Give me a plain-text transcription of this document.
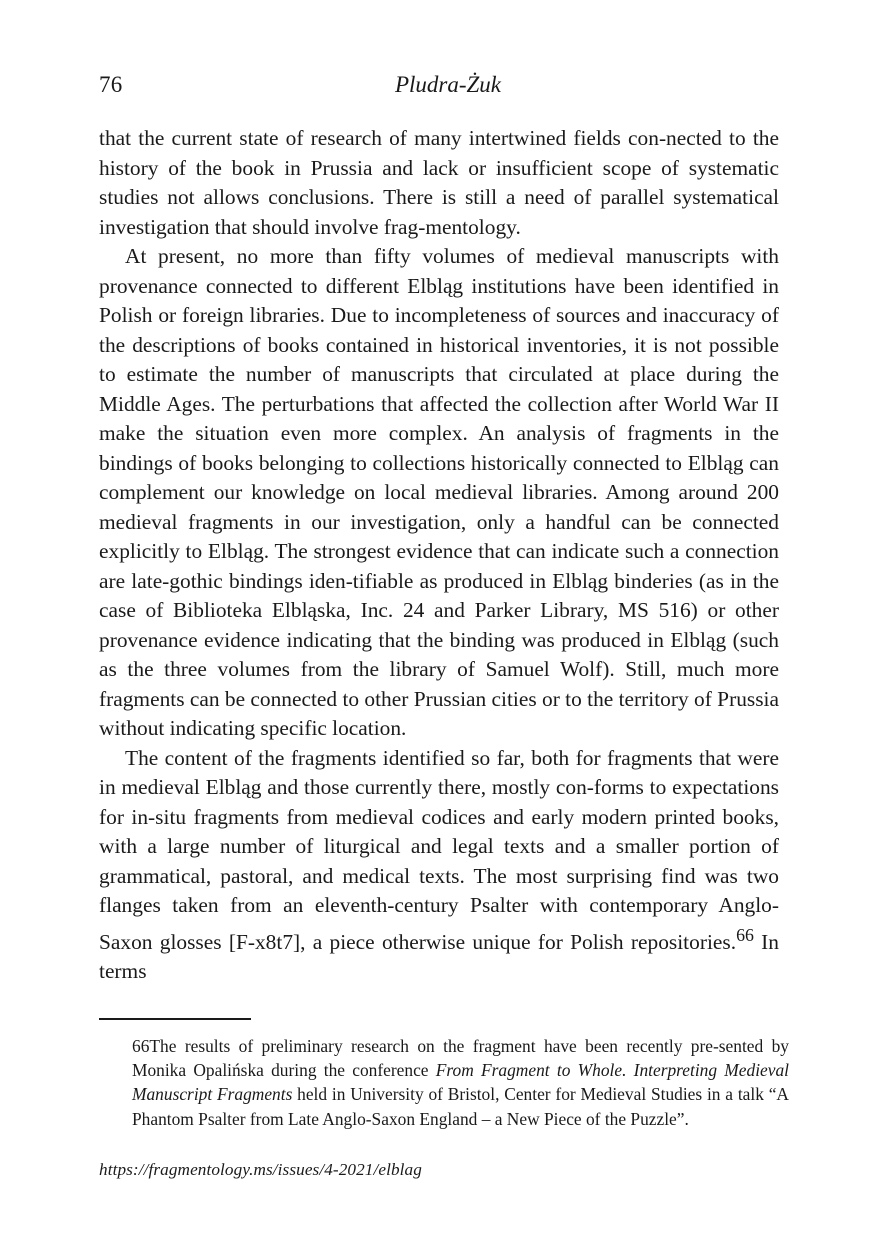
76	Pludra-Żuk

that the current state of research of many intertwined fields con-​nected to the history of the book in Prussia and lack or insufficient scope of systematic studies not allows conclusions. There is still a need of parallel systematical investigation that should involve frag-​mentology.

At present, no more than fifty volumes of medieval manuscripts with provenance connected to different Elbląg institutions have been identified in Polish or foreign libraries. Due to incompleteness of sources and inaccuracy of the descriptions of books contained in historical inventories, it is not possible to estimate the number of manuscripts that circulated at place during the Middle Ages. The perturbations that affected the collection after World War II make the situation even more complex. An analysis of fragments in the bindings of books belonging to collections historically connected to Elbląg can complement our knowledge on local medieval libraries. Among around 200 medieval fragments in our investigation, only a handful can be connected explicitly to Elbląg. The strongest evidence that can indicate such a connection are late-​gothic bindings iden-​tifiable as produced in Elbląg binderies (as in the case of Biblioteka Elbląska, Inc. 24 and Parker Library, MS 516) or other provenance evidence indicating that the binding was produced in Elbląg (such as the three volumes from the library of Samuel Wolf). Still, much more fragments can be connected to other Prussian cities or to the territory of Prussia without indicating specific location.

The content of the fragments identified so far, both for fragments that were in medieval Elbląg and those currently there, mostly con-​forms to expectations for in-​situ fragments from medieval codices and early modern printed books, with a large number of liturgical and legal texts and a smaller portion of grammatical, pastoral, and medical texts. The most surprising find was two flanges taken from an eleventh-​century Psalter with contemporary Anglo-​Saxon glosses [F-​x8t7], a piece otherwise unique for Polish repositories.$^{66}$ In terms

66The results of preliminary research on the fragment have been recently pre-​sented by Monika Opalińska during the conference From Fragment to Whole. Interpreting Medieval Manuscript Fragments held in University of Bristol, Center for Medieval Studies in a talk “A Phantom Psalter from Late Anglo-​Saxon England – a New Piece of the Puzzle”.
https://fragmentology.ms/issues/4-2021/elblag
